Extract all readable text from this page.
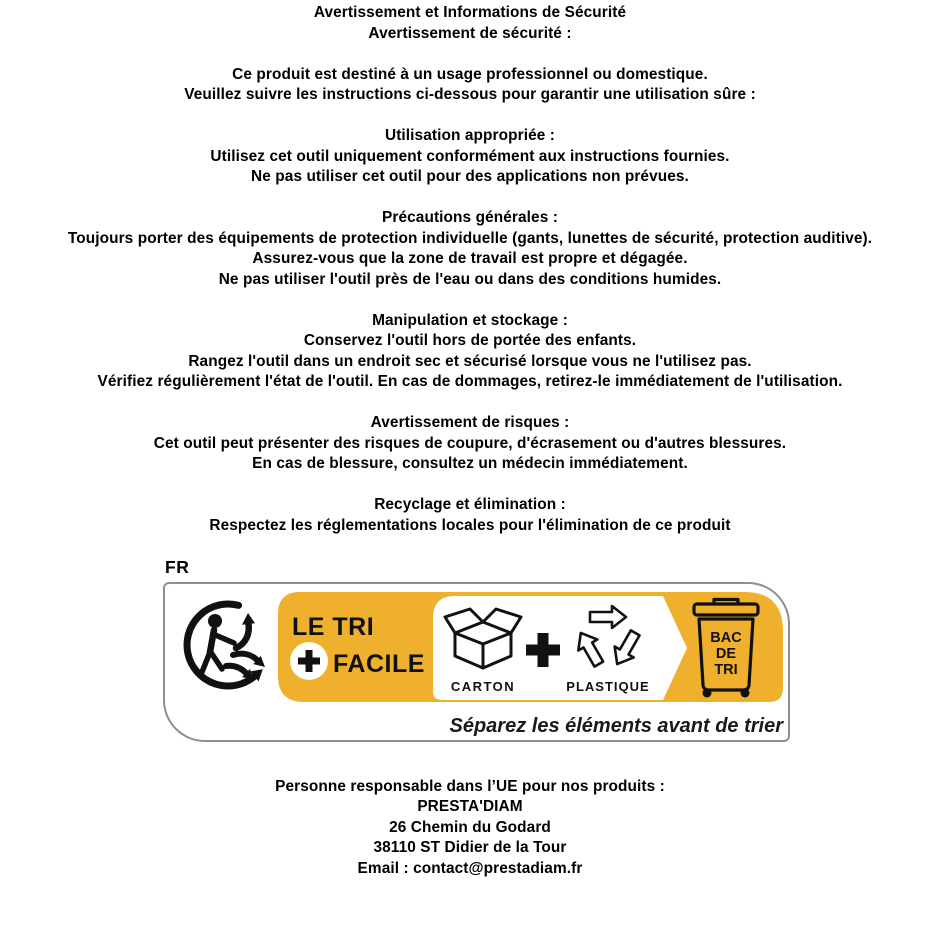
Avertissement et Informations de Sécurité
Avertissement de sécurité :
Ce produit est destiné à un usage professionnel ou domestique.
Veuillez suivre les instructions ci-dessous pour garantir une utilisation sûre :
Utilisation appropriée :
Utilisez cet outil uniquement conformément aux instructions fournies.
Ne pas utiliser cet outil pour des applications non prévues.
Précautions générales :
Toujours porter des équipements de protection individuelle (gants, lunettes de sécurité, protection auditive).
Assurez-vous que la zone de travail est propre et dégagée.
Ne pas utiliser l'outil près de l'eau ou dans des conditions humides.
Manipulation et stockage :
Conservez l'outil hors de portée des enfants.
Rangez l'outil dans un endroit sec et sécurisé lorsque vous ne l'utilisez pas.
Vérifiez régulièrement l'état de l'outil. En cas de dommages, retirez-le immédiatement de l'utilisation.
Avertissement de risques :
Cet outil peut présenter des risques de coupure, d'écrasement ou d'autres blessures.
En cas de blessure, consultez un médecin immédiatement.
Recyclage et élimination :
Respectez les réglementations locales pour l'élimination de ce produit
FR
LE TRI
FACILE
CARTON	PLASTIQUE
BAC
DE
TRI
Séparez les éléments avant de trier
Personne responsable dans l’UE pour nos produits :
PRESTA'DIAM
26 Chemin du Godard
38110 ST Didier de la Tour
Email : contact@prestadiam.fr
